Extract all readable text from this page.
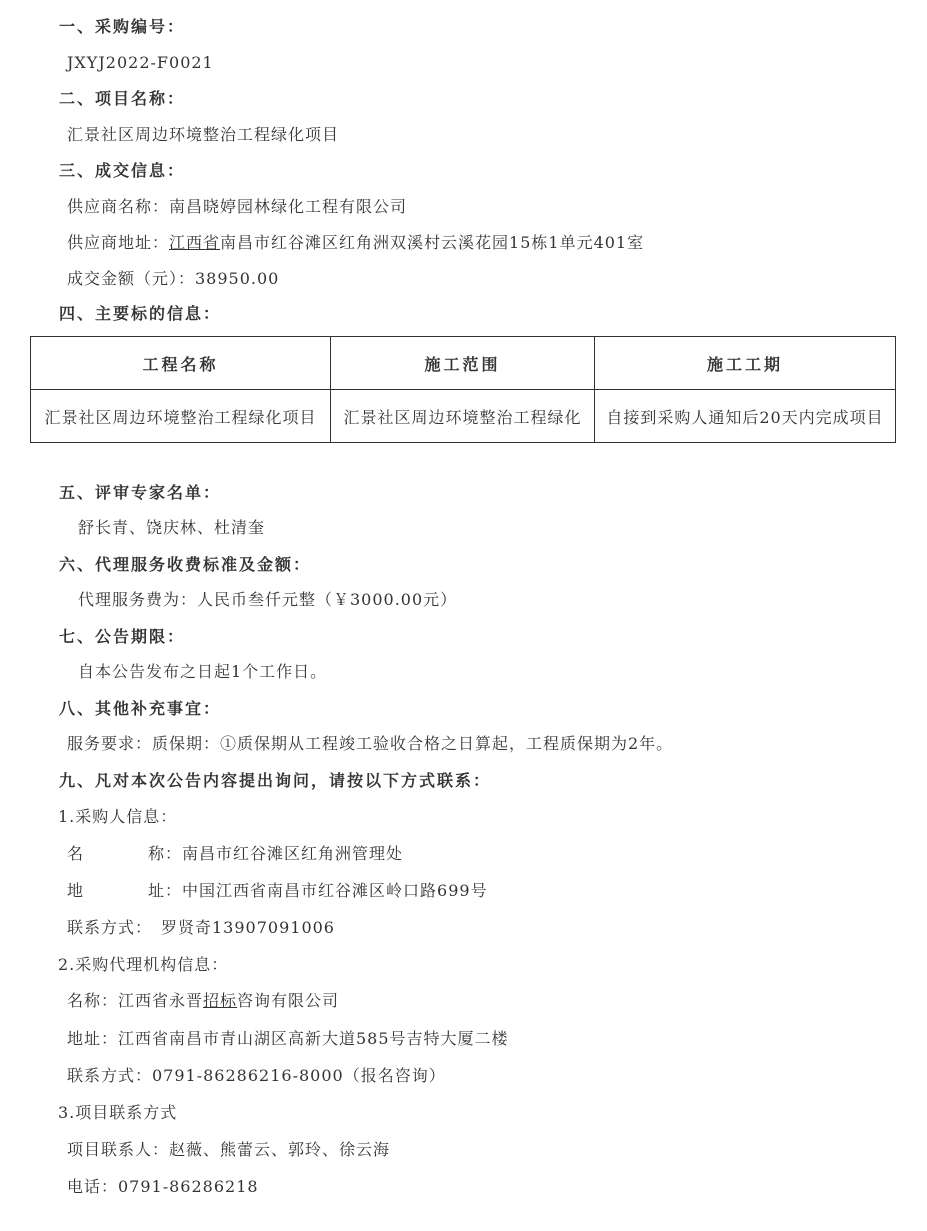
一、采购编号：
JXYJ2022-F0021
二、项目名称：
汇景社区周边环境整治工程绿化项目
三、成交信息：
供应商名称：南昌晓婷园林绿化工程有限公司
供应商地址：江西省南昌市红谷滩区红角洲双溪村云溪花园15栋1单元401室
成交金额（元）：38950.00
四、主要标的信息：
工程名称	施工范围	施工工期
汇景社区周边环境整治工程绿化项目	汇景社区周边环境整治工程绿化	自接到采购人通知后20天内完成项目
五、评审专家名单：
舒长青、饶庆林、杜清奎
六、代理服务收费标准及金额：
代理服务费为：人民币叁仟元整（￥3000.00元）
七、公告期限：
自本公告发布之日起1个工作日。
八、其他补充事宜：
服务要求：质保期：①质保期从工程竣工验收合格之日算起，工程质保期为2年。
九、凡对本次公告内容提出询问，请按以下方式联系：
1.采购人信息：
名	称：南昌市红谷滩区红角洲管理处
地	址：中国江西省南昌市红谷滩区岭口路699号
联系方式：　罗贤奇13907091006
2.采购代理机构信息：
名称：江西省永晋招标咨询有限公司
地址：江西省南昌市青山湖区高新大道585号吉特大厦二楼
联系方式：0791-86286216-8000（报名咨询）
3.项目联系方式
项目联系人：赵薇、熊蕾云、郭玲、徐云海
电话：0791-86286218
